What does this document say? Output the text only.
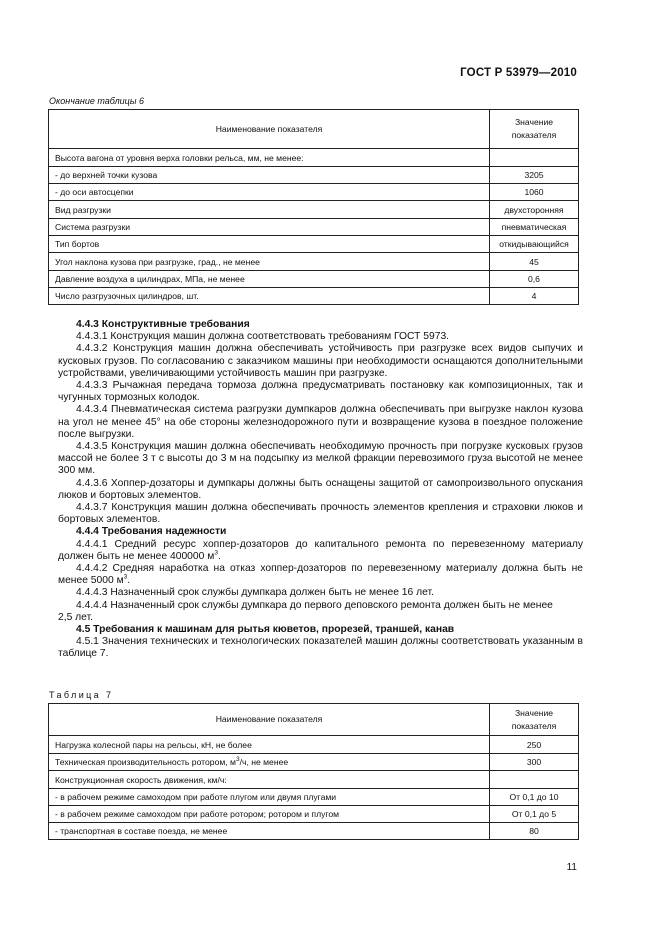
ГОСТ Р 53979—2010
Окончание таблицы 6
Наименование показателя	Значение
показателя

Высота вагона от уровня верха головки рельса, мм, не менее:	
- до верхней точки кузова	3205
- до оси автосцепки	1060
Вид разгрузки	двухсторонняя
Система разгрузки	пневматическая
Тип бортов	откидывающийся
Угол наклона кузова при разгрузке, град., не менее	45
Давление воздуха в цилиндрах, МПа, не менее	0,6
Число разгрузочных цилиндров, шт.	4

4.4.3 Конструктивные требования

4.4.3.1 Конструкция машин должна соответствовать требованиям ГОСТ 5973.

4.4.3.2 Конструкция машин должна обеспечивать устойчивость при разгрузке всех видов сыпучих и кусковых грузов. По согласованию с заказчиком машины при необходимости оснащаются дополнительными устройствами, увеличивающими устойчивость машин при разгрузке.

4.4.3.3 Рычажная передача тормоза должна предусматривать постановку как композиционных, так и чугунных тормозных колодок.

4.4.3.4 Пневматическая система разгрузки думпкаров должна обеспечивать при выгрузке наклон кузова на угол не менее 45° на обе стороны железнодорожного пути и возвращение кузова в поездное положение после выгрузки.

4.4.3.5 Конструкция машин должна обеспечивать необходимую прочность при погрузке кусковых грузов массой не более 3 т с высоты до 3 м на подсыпку из мелкой фракции перевозимого груза высотой не менее 300 мм.

4.4.3.6 Хоппер-дозаторы и думпкары должны быть оснащены защитой от самопроизвольного опускания люков и бортовых элементов.

4.4.3.7 Конструкция машин должна обеспечивать прочность элементов крепления и страховки люков и бортовых элементов.

4.4.4 Требования надежности

4.4.4.1 Средний ресурс хоппер-дозаторов до капитального ремонта по перевезенному материалу должен быть не менее 400000 $м^3$.

4.4.4.2 Средняя наработка на отказ хоппер-дозаторов по перевезенному материалу должна быть не менее 5000 $м^3$.

4.4.4.3 Назначенный срок службы думпкара должен быть не менее 16 лет.

4.4.4.4 Назначенный срок службы думпкара до первого деповского ремонта должен быть не менее

2,5 лет.

4.5 Требования к машинам для рытья кюветов, прорезей, траншей, канав

4.5.1 Значения технических и технологических показателей машин должны соответствовать указанным в таблице 7.

Таблица 7
Наименование показателя	Значение
показателя

Нагрузка колесной пары на рельсы, кН, не более	250
Техническая производительность ротором, $м^3/ч$, не менее	300
Конструкционная скорость движения, км/ч:	
- в рабочем режиме самоходом при работе плугом или двумя плугами	От 0,1 до 10
- в рабочем режиме самоходом при работе ротором; ротором и плугом	От 0,1 до 5
- транспортная в составе поезда, не менее	80
11
